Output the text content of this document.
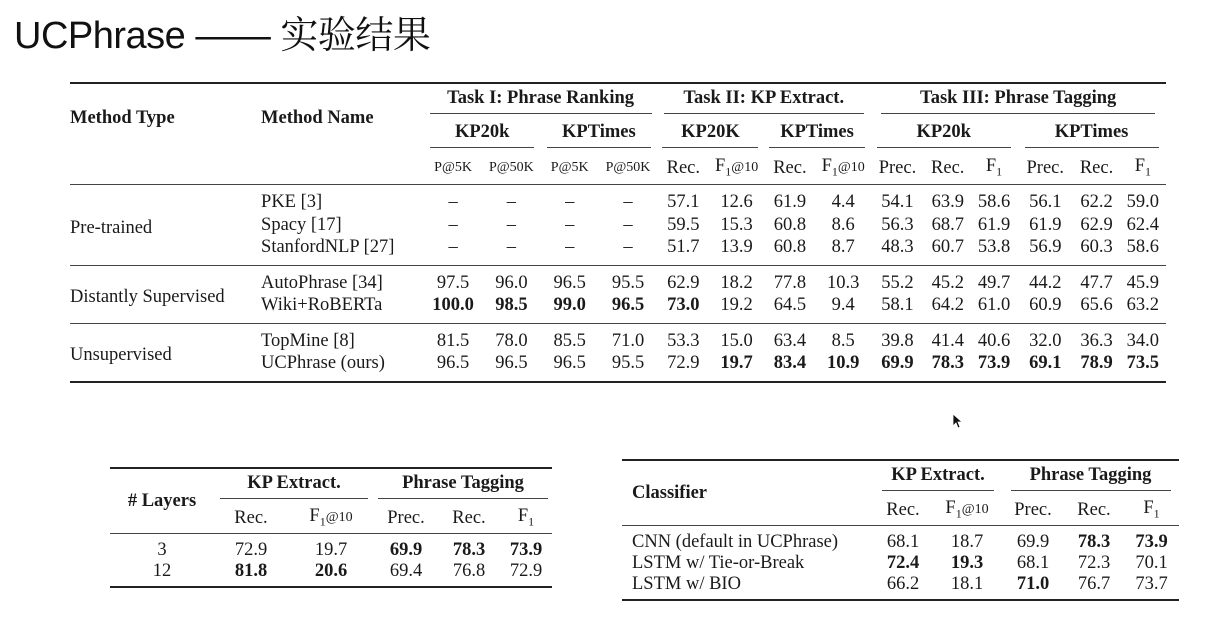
UCPhrase —— 实验结果

Method Type	Method Name	Task I: Phrase Ranking				Task II: KP Extract.				Task III: Phrase Tagging					
		KP20k		KPTimes		KP20K		KPTimes		KP20k			KPTimes		
		P@5K	P@50K	P@5K	P@50K	Rec.	$F_1@10$	Rec.	$F_1@10$	Prec.	Rec.	$F_1$	Prec.	Rec.	$F_1$

Pre-trained	PKE [3]	–	–	–	–	57.1	12.6	61.9	4.4	54.1	63.9	58.6	56.1	62.2	59.0
	Spacy [17]	–	–	–	–	59.5	15.3	60.8	8.6	56.3	68.7	61.9	61.9	62.9	62.4
	StanfordNLP [27]	–	–	–	–	51.7	13.9	60.8	8.7	48.3	60.7	53.8	56.9	60.3	58.6

Distantly Supervised	AutoPhrase [34]	97.5	96.0	96.5	95.5	62.9	18.2	77.8	10.3	55.2	45.2	49.7	44.2	47.7	45.9
	Wiki+RoBERTa	100.0	98.5	99.0	96.5	73.0	19.2	64.5	9.4	58.1	64.2	61.0	60.9	65.6	63.2

Unsupervised	TopMine [8]	81.5	78.0	85.5	71.0	53.3	15.0	63.4	8.5	39.8	41.4	40.6	32.0	36.3	34.0
	UCPhrase (ours)	96.5	96.5	96.5	95.5	72.9	19.7	83.4	10.9	69.9	78.3	73.9	69.1	78.9	73.5

# Layers	KP Extract.		Phrase Tagging		
	Rec.	$F_1@10$	Prec.	Rec.	$F_1$

3	72.9	19.7	69.9	78.3	73.9
12	81.8	20.6	69.4	76.8	72.9

Classifier	KP Extract.		Phrase Tagging		
	Rec.	$F_1@10$	Prec.	Rec.	$F_1$

CNN (default in UCPhrase)	68.1	18.7	69.9	78.3	73.9
LSTM w/ Tie-or-Break	72.4	19.3	68.1	72.3	70.1
LSTM w/ BIO	66.2	18.1	71.0	76.7	73.7
